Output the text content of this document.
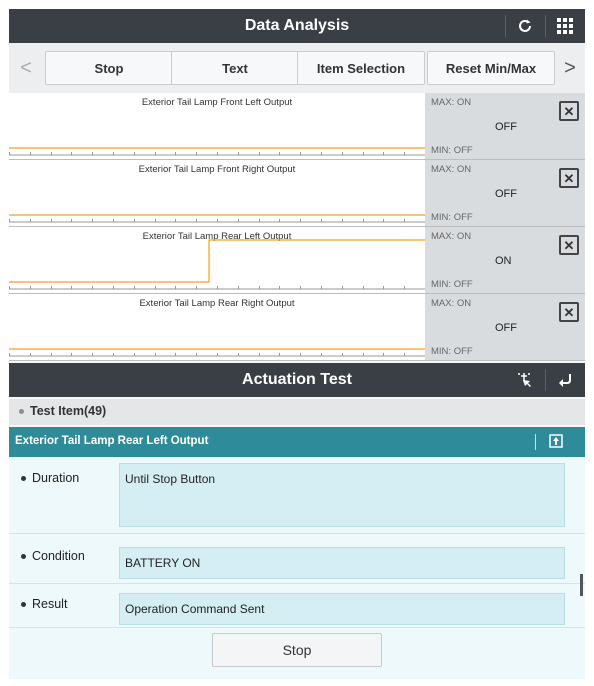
Data Analysis
<	Stop	Text	Item Selection	Reset Min/Max	>
Exterior Tail Lamp Front Left Output	MAX: ON
OFF
MIN: OFF
✕
Exterior Tail Lamp Front Right Output	MAX: ON
OFF
MIN: OFF
✕
Exterior Tail Lamp Rear Left Output	MAX: ON
ON
MIN: OFF
✕
Exterior Tail Lamp Rear Right Output	MAX: ON
OFF
MIN: OFF
✕
Actuation Test
Test Item(49)
Exterior Tail Lamp Rear Left Output
Duration	Until Stop Button
Condition	BATTERY ON
Result	Operation Command Sent
Stop
